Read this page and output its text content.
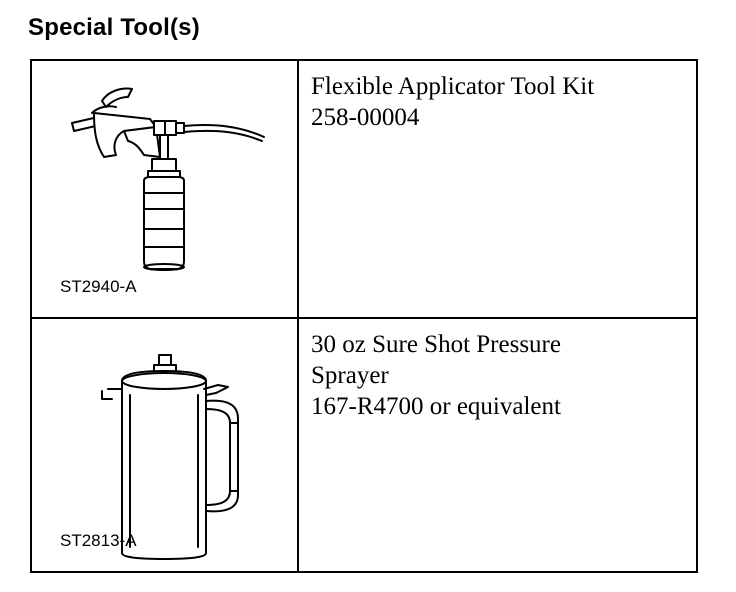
Special Tool(s)
ST2940-A
Flexible Applicator Tool Kit
258-00004
ST2813-A
30 oz Sure Shot Pressure
Sprayer
167-R4700 or equivalent
